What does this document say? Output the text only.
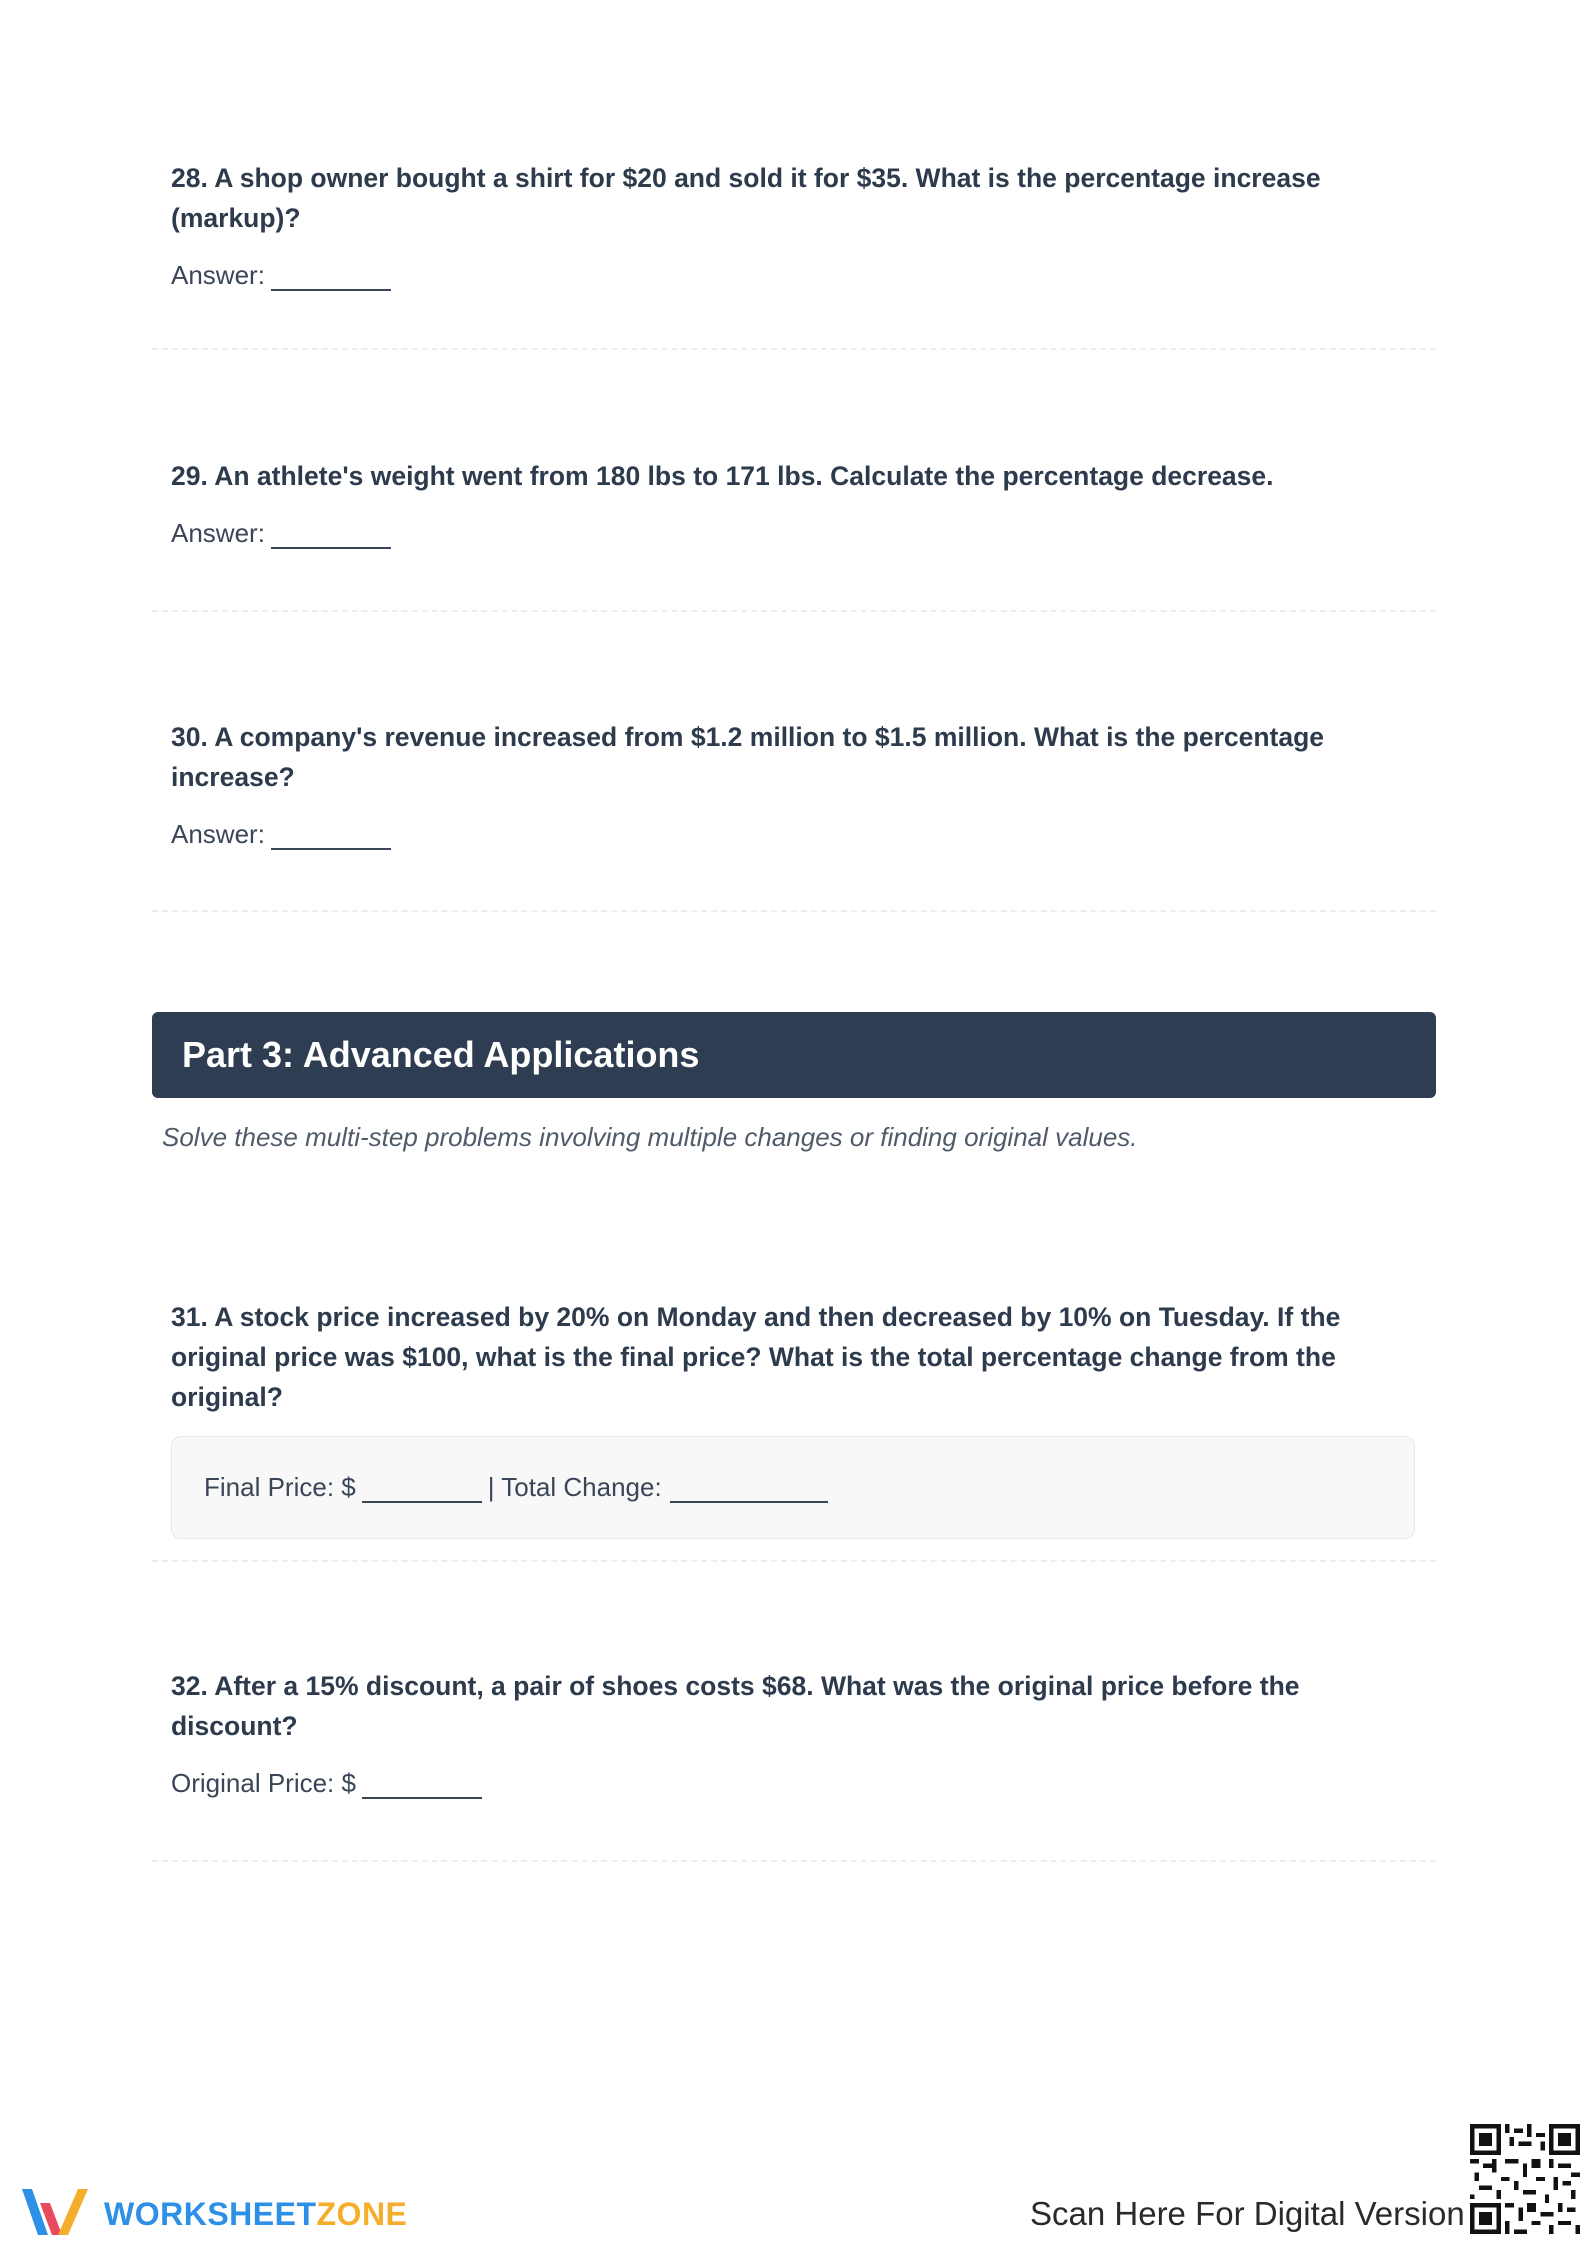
28. A shop owner bought a shirt for $20 and sold it for $35. What is the percentage increase (markup)?

Answer:

29. An athlete's weight went from 180 lbs to 171 lbs. Calculate the percentage decrease.

Answer:

30. A company's revenue increased from $1.2 million to $1.5 million. What is the percentage increase?

Answer:
Part 3: Advanced Applications
Solve these multi-step problems involving multiple changes or finding original values.

31. A stock price increased by 20% on Monday and then decreased by 10% on Tuesday. If the original price was $100, what is the final price? What is the total percentage change from the original?

Final Price: $	| Total Change:

32. After a 15% discount, a pair of shoes costs $68. What was the original price before the discount?

Original Price: $
WORKSHEETZONE	Scan Here For Digital Version
